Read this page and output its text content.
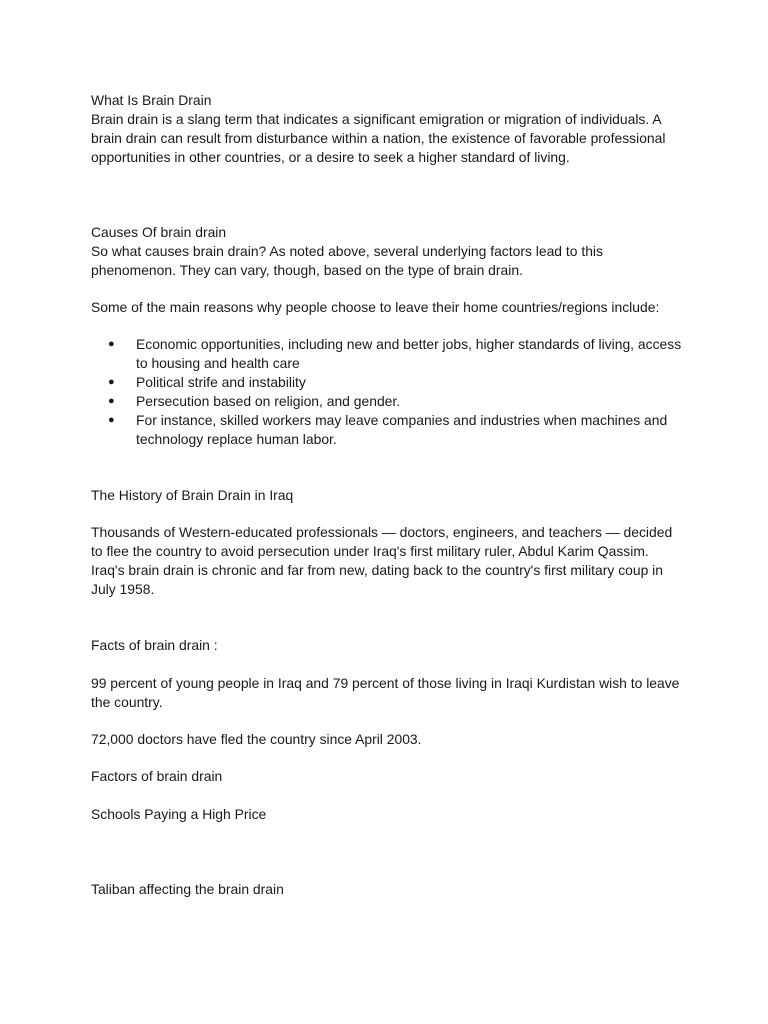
What Is Brain Drain

Brain drain is a slang term that indicates a significant emigration or migration of individuals. A

brain drain can result from disturbance within a nation, the existence of favorable professional

opportunities in other countries, or a desire to seek a higher standard of living.

Causes Of brain drain

So what causes brain drain? As noted above, several underlying factors lead to this

phenomenon. They can vary, though, based on the type of brain drain.

Some of the main reasons why people choose to leave their home countries/regions include:

● Economic opportunities, including new and better jobs, higher standards of living, access
to housing and health care
● Political strife and instability
● Persecution based on religion, and gender.
● For instance, skilled workers may leave companies and industries when machines and
technology replace human labor.

The History of Brain Drain in Iraq

Thousands of Western-educated professionals — doctors, engineers, and teachers — decided

to flee the country to avoid persecution under Iraq's first military ruler, Abdul Karim Qassim.

Iraq's brain drain is chronic and far from new, dating back to the country's first military coup in

July 1958.

Facts of brain drain :

99 percent of young people in Iraq and 79 percent of those living in Iraqi Kurdistan wish to leave

the country.

72,000 doctors have fled the country since April 2003.

Factors of brain drain

Schools Paying a High Price

Taliban affecting the brain drain
